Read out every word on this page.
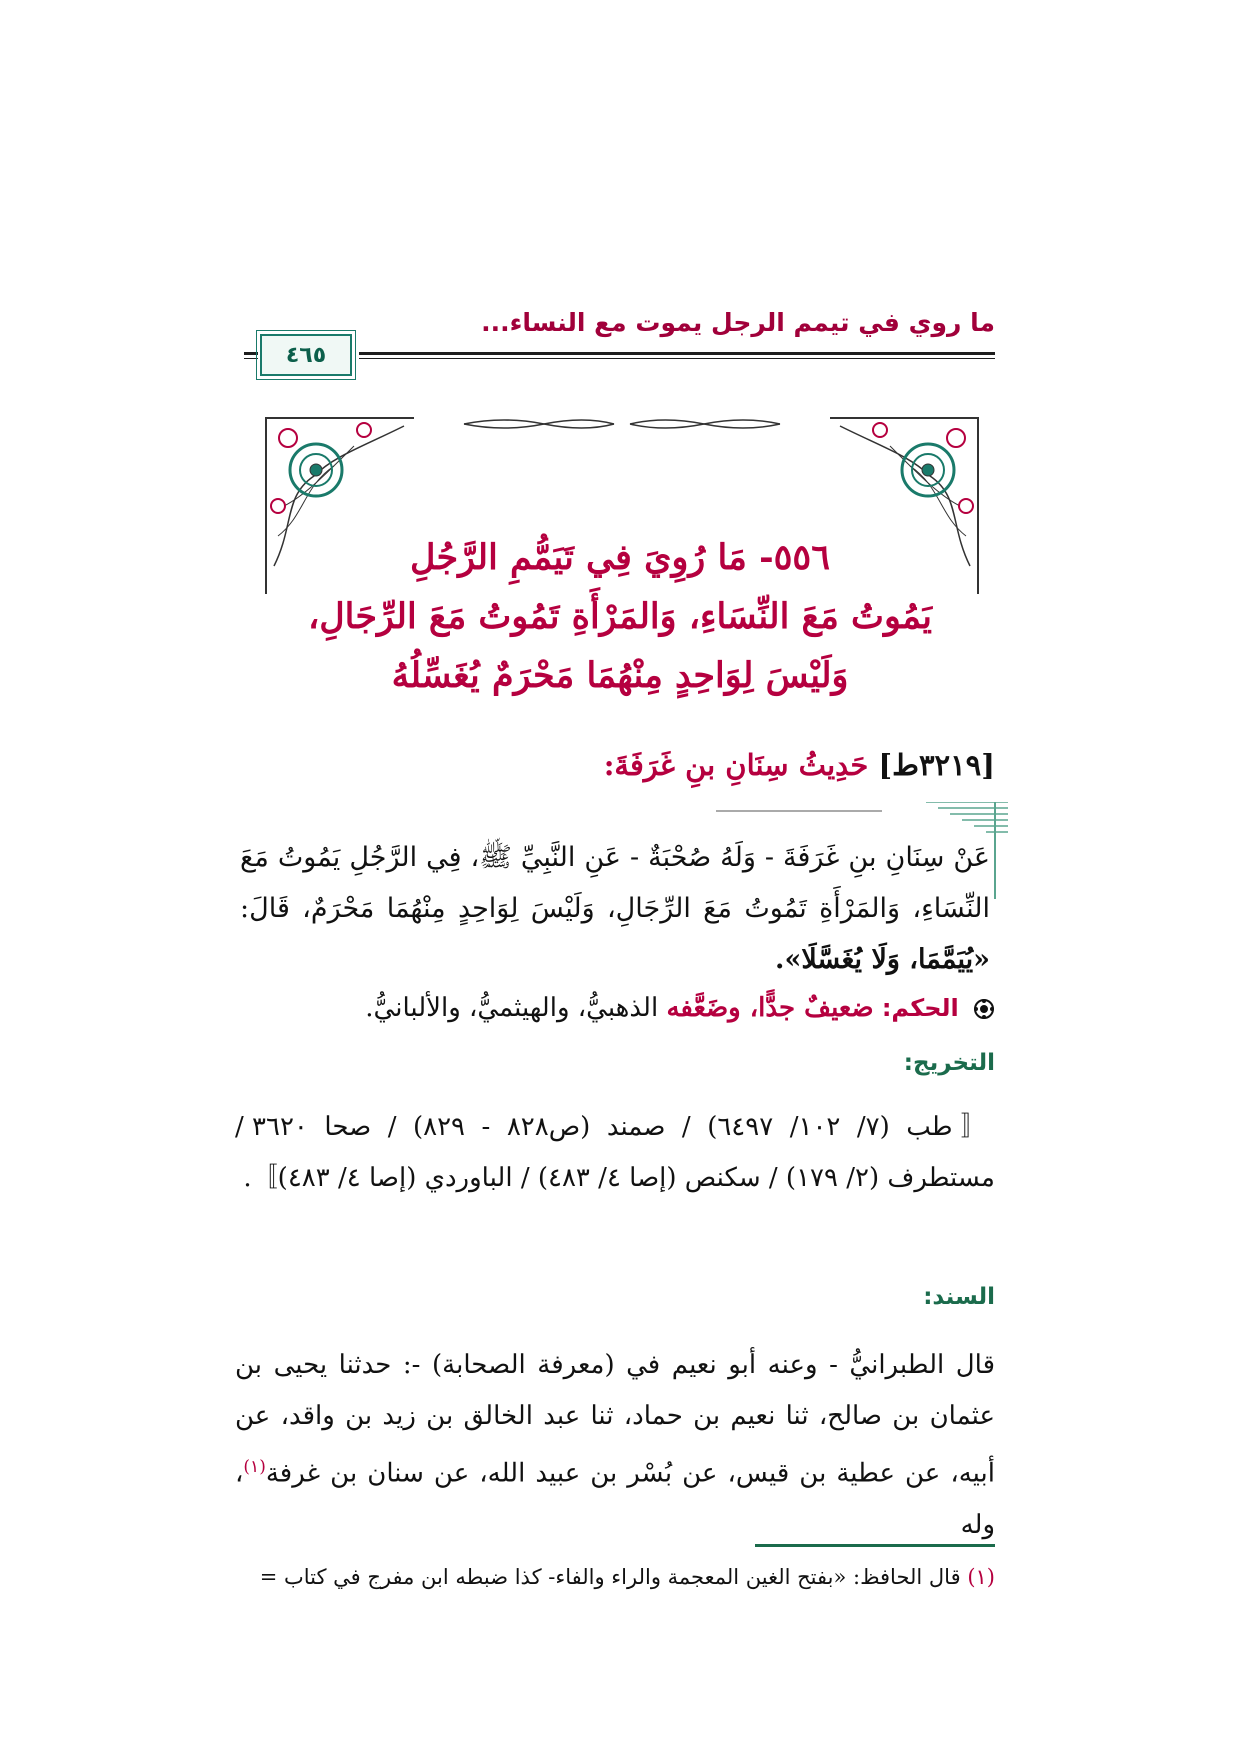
ما روي في تيمم الرجل يموت مع النساء...
٤٦٥
٥٥٦- مَا رُوِيَ فِي تَيَمُّمِ الرَّجُلِ
يَمُوتُ مَعَ النِّسَاءِ، وَالمَرْأَةِ تَمُوتُ مَعَ الرِّجَالِ،
وَلَيْسَ لِوَاحِدٍ مِنْهُمَا مَحْرَمٌ يُغَسِّلُهُ
[٣٢١٩ط] حَدِيثُ سِنَانِ بنِ غَرَفَةَ:
عَنْ سِنَانِ بنِ غَرَفَةَ - وَلَهُ صُحْبَةٌ - عَنِ النَّبِيِّ ﷺ، فِي الرَّجُلِ يَمُوتُ مَعَ النِّسَاءِ، وَالمَرْأَةِ تَمُوتُ مَعَ الرِّجَالِ، وَلَيْسَ لِوَاحِدٍ مِنْهُمَا مَحْرَمٌ، قَالَ: «يُيَمَّمَا، وَلَا يُغَسَّلَا».
الحكم: ضعيفٌ جدًّا، وضَعَّفه الذهبيُّ، والهيثميُّ، والألبانيُّ.
التخريج:
〚طب (٧/ ١٠٢/ ٦٤٩٧) / صمند (ص٨٢٨ - ٨٢٩) / صحا ٣٦٢٠ / مستطرف (٢/ ١٧٩) / سكنص (إصا ٤/ ٤٨٣) / الباوردي (إصا ٤/ ٤٨٣)〛.
السند:
قال الطبرانيُّ - وعنه أبو نعيم في (معرفة الصحابة) -: حدثنا يحيى بن عثمان بن صالح، ثنا نعيم بن حماد، ثنا عبد الخالق بن زيد بن واقد، عن أبيه، عن عطية بن قيس، عن بُسْر بن عبيد الله، عن سنان بن غرفة$^{(١)}$، وله
(١) قال الحافظ: «بفتح الغين المعجمة والراء والفاء- كذا ضبطه ابن مفرج في كتاب =
